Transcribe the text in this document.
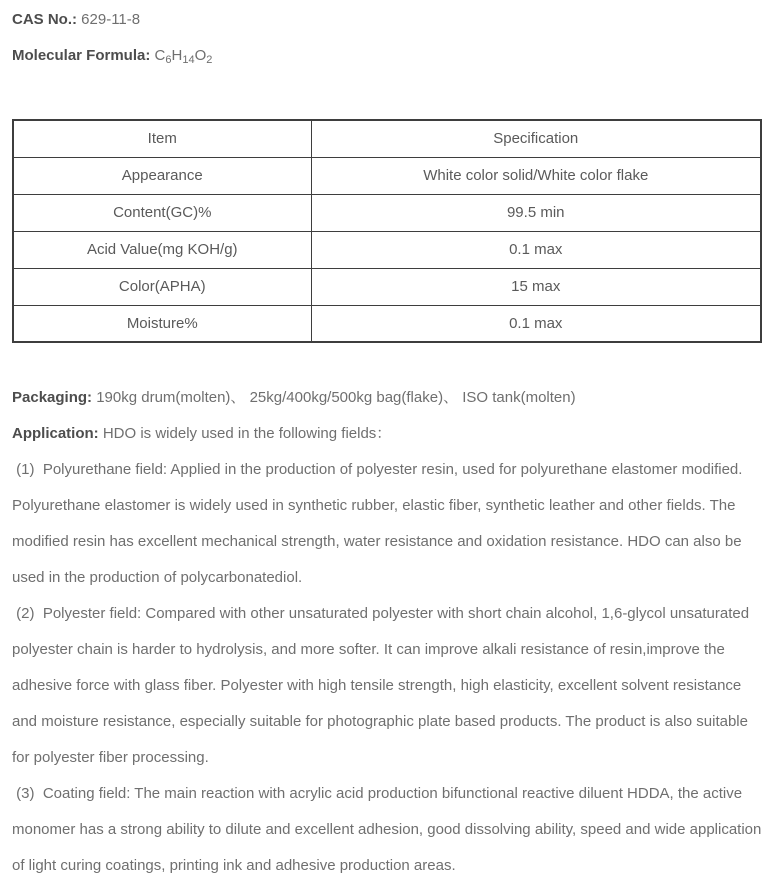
CAS No.: 629-11-8

Molecular Formula: $C_6H_{14}O_2$

Item	Specification
Appearance	White color solid/White color flake
Content(GC)%	99.5 min
Acid Value(mg KOH/g)	0.1 max
Color(APHA)	15 max
Moisture%	0.1 max

Packaging: 190kg drum(molten)、 25kg/400kg/500kg bag(flake)、 ISO tank(molten)

Application: HDO is widely used in the following fields：

(1)  Polyurethane field: Applied in the production of polyester resin, used for polyurethane elastomer modified. Polyurethane elastomer is widely used in synthetic rubber, elastic fiber, synthetic leather and other fields. The modified resin has excellent mechanical strength, water resistance and oxidation resistance. HDO can also be used in the production of polycarbonatediol.

(2)  Polyester field: Compared with other unsaturated polyester with short chain alcohol, 1,6-glycol unsaturated polyester chain is harder to hydrolysis, and more softer. It can improve alkali resistance of resin,improve the adhesive force with glass fiber. Polyester with high tensile strength, high elasticity, excellent solvent resistance and moisture resistance, especially suitable for photographic plate based products. The product is also suitable for polyester fiber processing.

(3)  Coating field: The main reaction with acrylic acid production bifunctional reactive diluent HDDA, the active monomer has a strong ability to dilute and excellent adhesion, good dissolving ability, speed and wide application of light curing coatings, printing ink and adhesive production areas.
